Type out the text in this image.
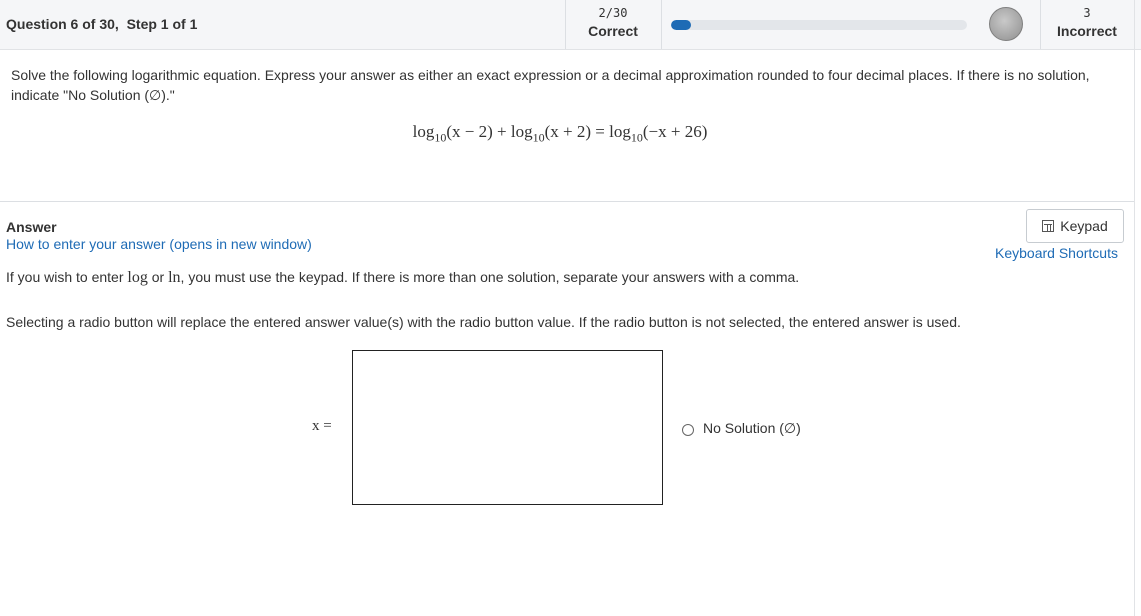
Question 6 of 30,  Step 1 of 1
2/30
Correct
3
Incorrect
Solve the following logarithmic equation. Express your answer as either an exact expression or a decimal approximation rounded to four decimal places. If there is no solution, indicate "No Solution (∅)."
$\log_{10}(x - 2) + \log_{10}(x + 2) = \log_{10}(-x + 26)$
Answer
How to enter your answer (opens in new window)
Keypad
Keyboard Shortcuts
If you wish to enter log or ln, you must use the keypad. If there is more than one solution, separate your answers with a comma.
Selecting a radio button will replace the entered answer value(s) with the radio button value. If the radio button is not selected, the entered answer is used.
x =	No Solution (∅)
